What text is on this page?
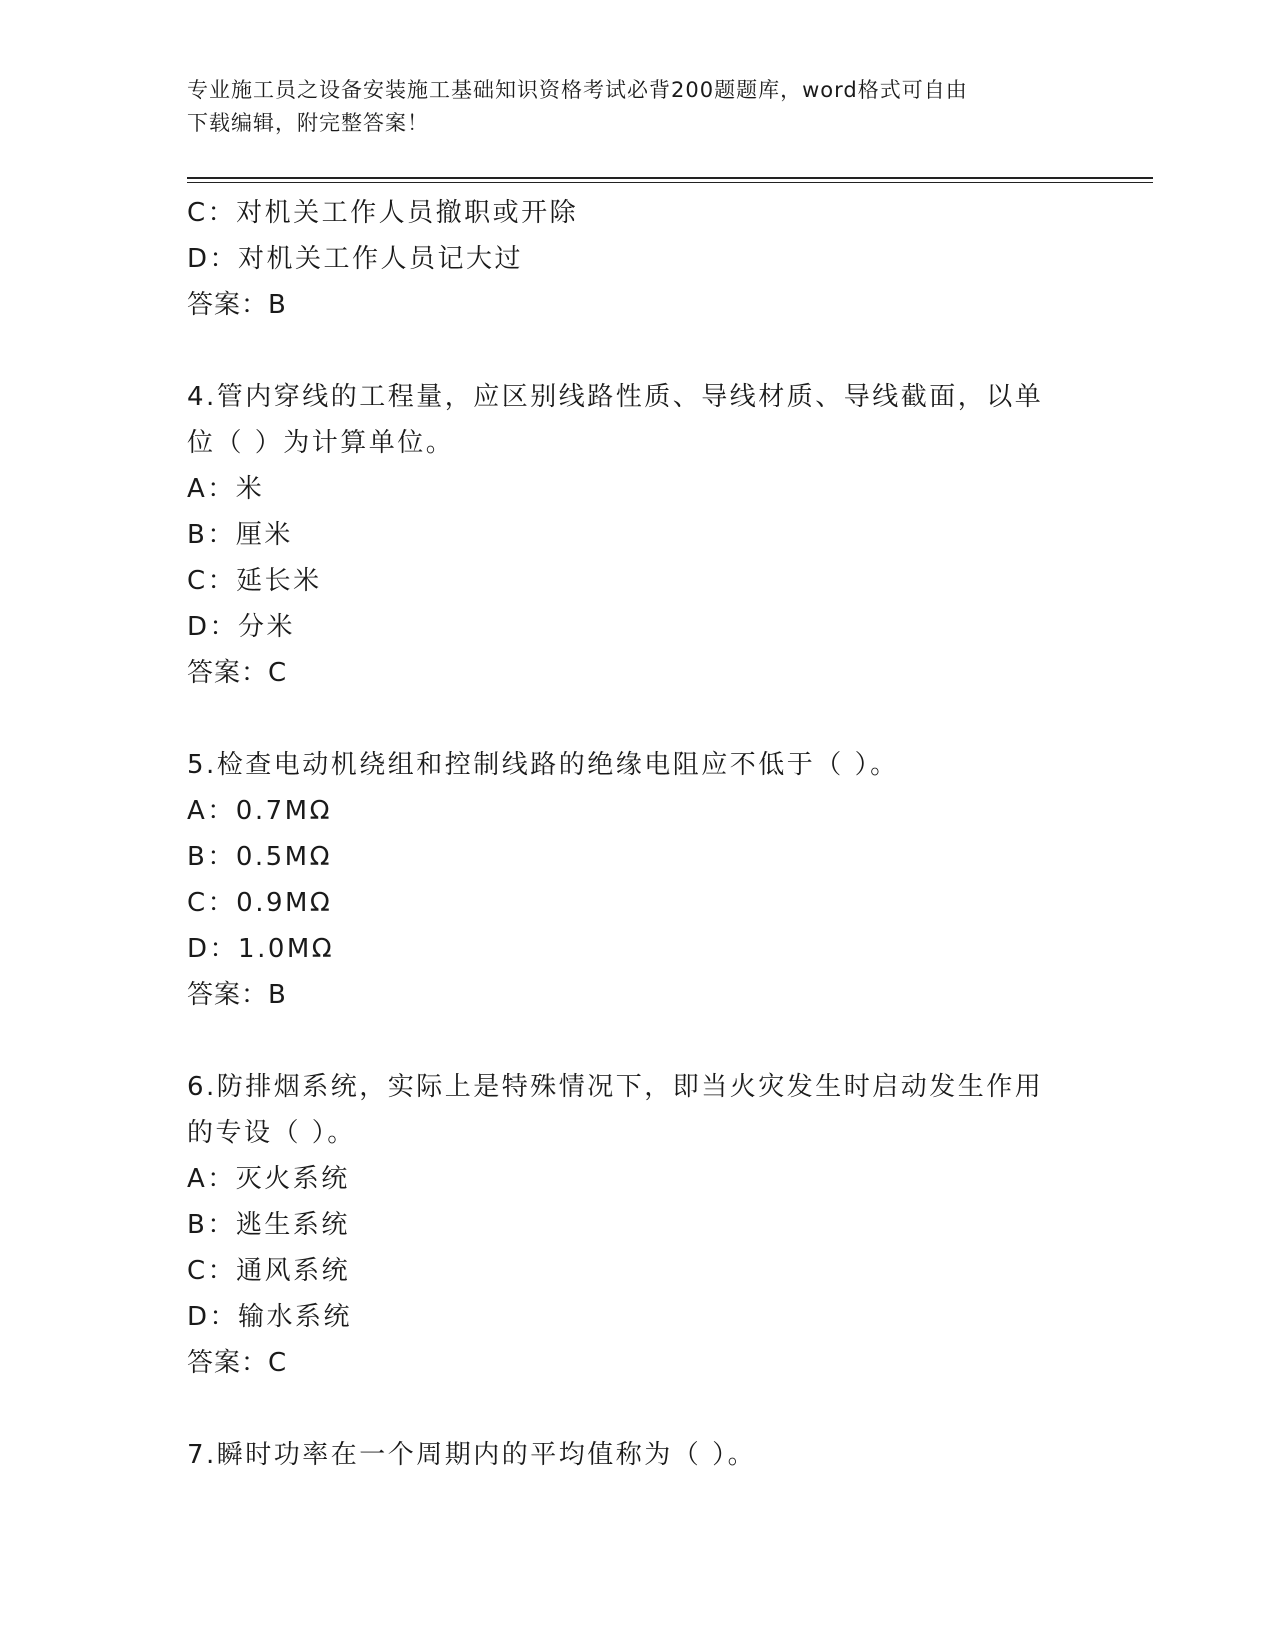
专业施工员之设备安装施工基础知识资格考试必背200题题库，word格式可自由
下载编辑，附完整答案！
C：对机关工作人员撤职或开除
D：对机关工作人员记大过
答案：B
4.管内穿线的工程量，应区别线路性质、导线材质、导线截面，以单
位（ ）为计算单位。
A：米
B：厘米
C：延长米
D：分米
答案：C
5.检查电动机绕组和控制线路的绝缘电阻应不低于（ ）。
A：0.7MΩ
B：0.5MΩ
C：0.9MΩ
D：1.0MΩ
答案：B
6.防排烟系统，实际上是特殊情况下，即当火灾发生时启动发生作用
的专设（ ）。
A：灭火系统
B：逃生系统
C：通风系统
D：输水系统
答案：C
7.瞬时功率在一个周期内的平均值称为（ ）。
